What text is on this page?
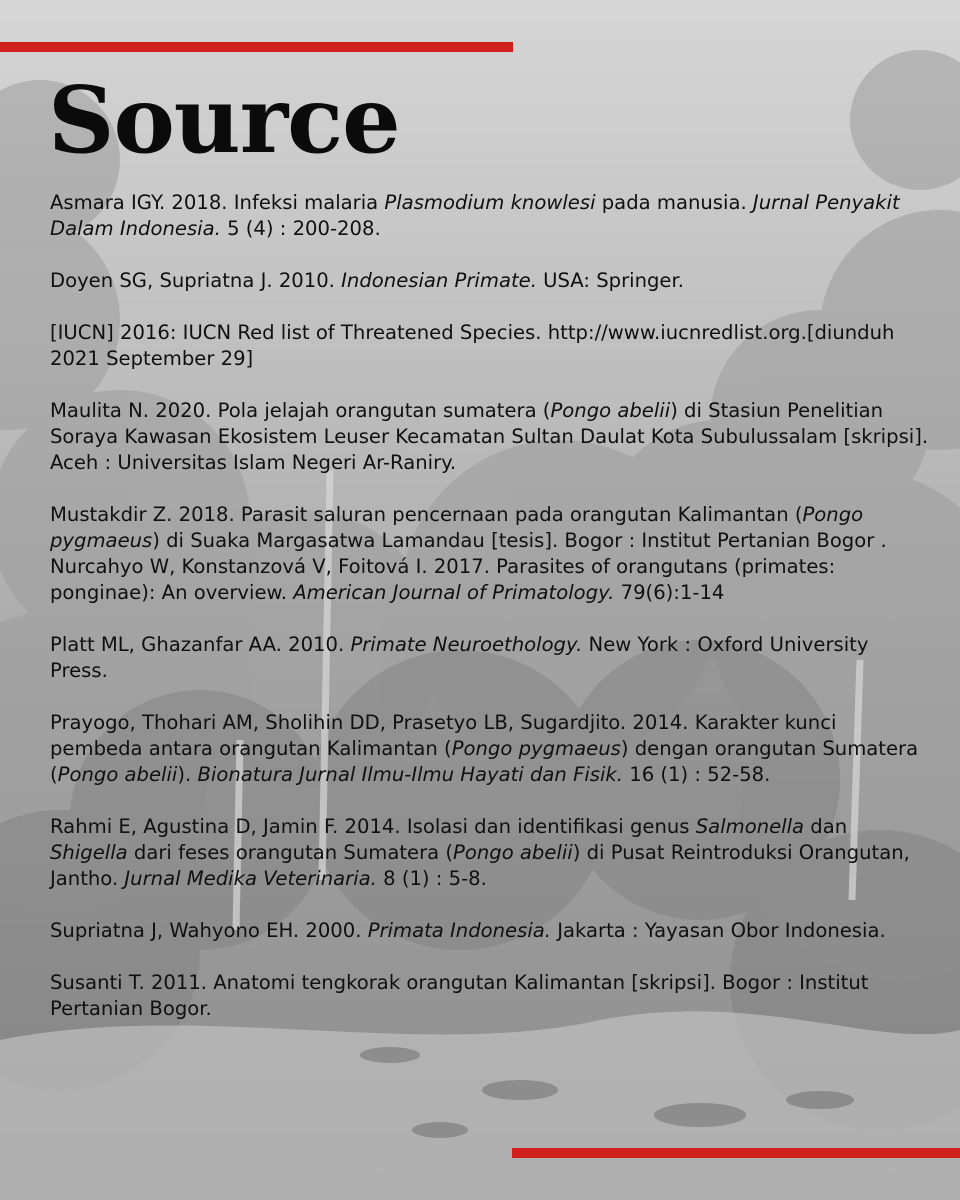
Source
Asmara IGY. 2018. Infeksi malaria Plasmodium knowlesi pada manusia. Jurnal Penyakit Dalam Indonesia. 5 (4) : 200-208.
Doyen SG, Supriatna J. 2010. Indonesian Primate. USA: Springer.
[IUCN] 2016: IUCN Red list of Threatened Species. http://www.iucnredlist.org.[diunduh 2021 September 29]
Maulita N. 2020. Pola jelajah orangutan sumatera (Pongo abelii) di Stasiun Penelitian Soraya Kawasan Ekosistem Leuser Kecamatan Sultan Daulat Kota Subulussalam [skripsi]. Aceh : Universitas Islam Negeri Ar-Raniry.
Mustakdir Z. 2018. Parasit saluran pencernaan pada orangutan Kalimantan (Pongo pygmaeus) di Suaka Margasatwa Lamandau [tesis]. Bogor : Institut Pertanian Bogor .
Nurcahyo W, Konstanzová V, Foitová I. 2017. Parasites of orangutans (primates: ponginae): An overview. American Journal of Primatology. 79(6):1-14
Platt ML, Ghazanfar AA. 2010. Primate Neuroethology. New York : Oxford University Press.
Prayogo, Thohari AM, Sholihin DD, Prasetyo LB, Sugardjito. 2014. Karakter kunci pembeda antara orangutan Kalimantan (Pongo pygmaeus) dengan orangutan Sumatera (Pongo abelii). Bionatura Jurnal Ilmu-Ilmu Hayati dan Fisik. 16 (1) : 52-58.
Rahmi E, Agustina D, Jamin F. 2014. Isolasi dan identifikasi genus Salmonella dan Shigella dari feses orangutan Sumatera (Pongo abelii) di Pusat Reintroduksi Orangutan, Jantho. Jurnal Medika Veterinaria. 8 (1) : 5-8.
Supriatna J, Wahyono EH. 2000. Primata Indonesia. Jakarta : Yayasan Obor Indonesia.
Susanti T. 2011. Anatomi tengkorak orangutan Kalimantan [skripsi]. Bogor : Institut Pertanian Bogor.
